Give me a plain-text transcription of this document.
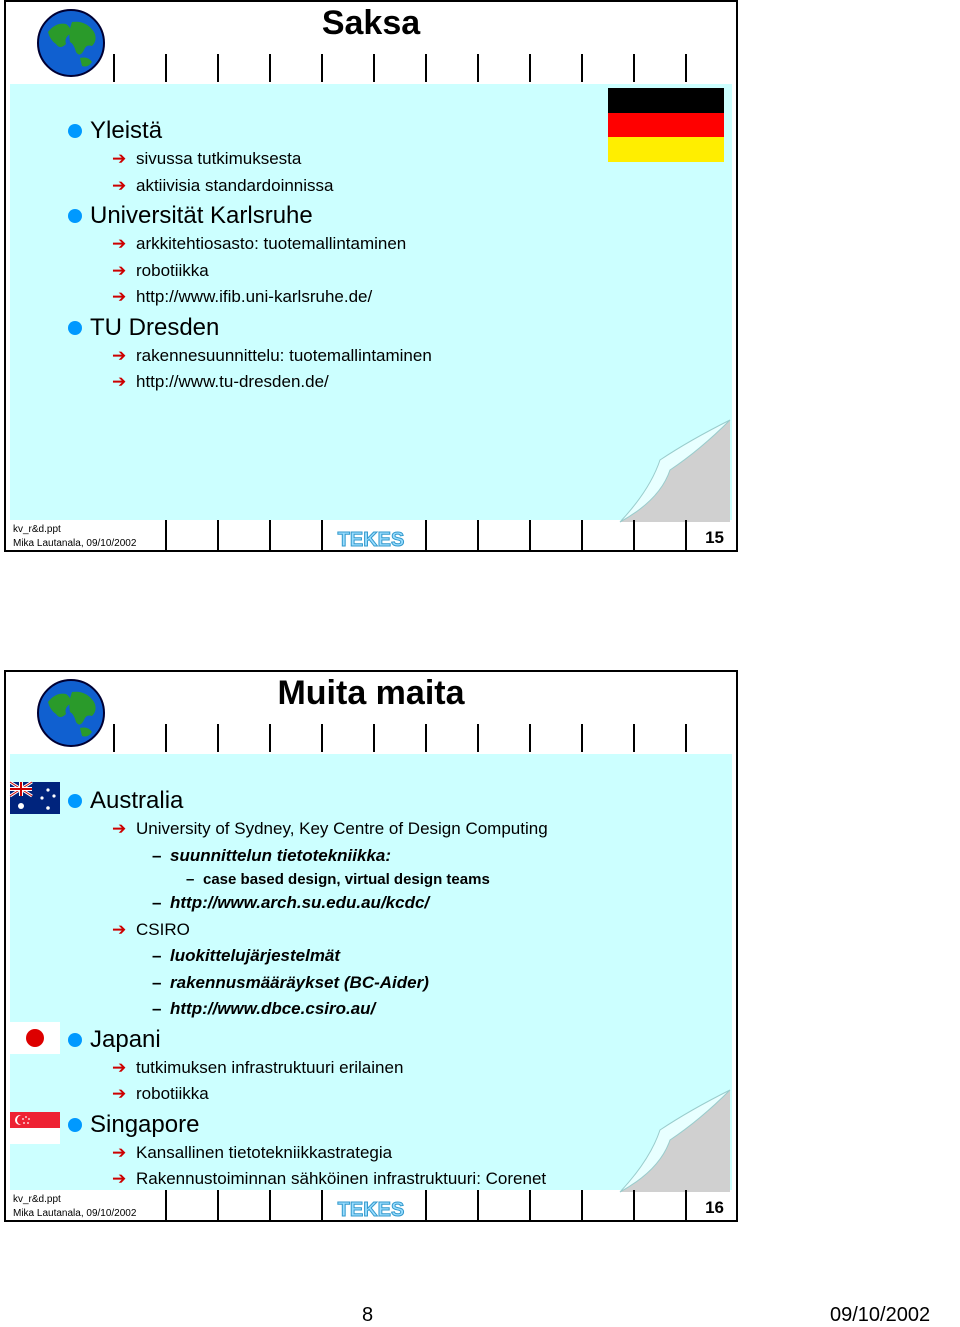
Saksa
Yleistä
➔ sivussa tutkimuksesta
➔ aktiivisia standardoinnissa
Universität Karlsruhe
➔ arkkitehtiosasto: tuotemallintaminen
➔ robotiikka
➔ http://www.ifib.uni-karlsruhe.de/
TU Dresden
➔ rakennesuunnittelu: tuotemallintaminen
➔ http://www.tu-dresden.de/
kv_r&d.ppt
Mika Lautanala, 09/10/2002	TEKES	15
Muita maita
Australia
➔ University of Sydney, Key Centre of Design Computing
– suunnittelun tietotekniikka:
– case based design, virtual design teams
– http://www.arch.su.edu.au/kcdc/
➔ CSIRO
– luokittelujärjestelmät
– rakennusmääräykset (BC-Aider)
– http://www.dbce.csiro.au/
Japani
➔ tutkimuksen infrastruktuuri erilainen
➔ robotiikka
Singapore
➔ Kansallinen tietotekniikkastrategia
➔ Rakennustoiminnan sähköinen infrastruktuuri: Corenet
kv_r&d.ppt
Mika Lautanala, 09/10/2002	TEKES	16
8	09/10/2002
